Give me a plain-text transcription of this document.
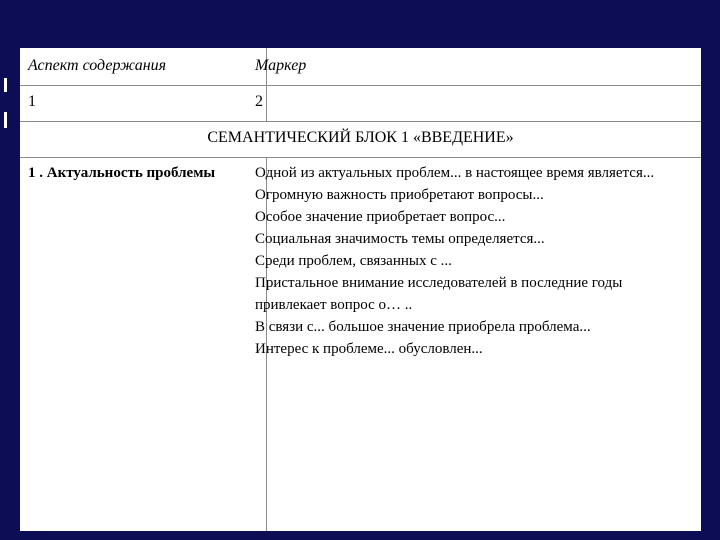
Аспект содержания	Маркер
1	2
СЕМАНТИЧЕСКИЙ БЛОК 1 «ВВЕДЕНИЕ»
1 . Актуальность проблемы	Одной из актуальных проблем... в настоящее время является...
Огромную важность приобретают вопросы...
Особое значение приобретает вопрос...
Социальная значимость темы определяется...
Среди проблем, связанных с ...
Пристальное внимание исследователей в последние годы
привлекает вопрос о… ..
В связи с... большое значение приобрела проблема...
Интерес к проблеме... обусловлен...
